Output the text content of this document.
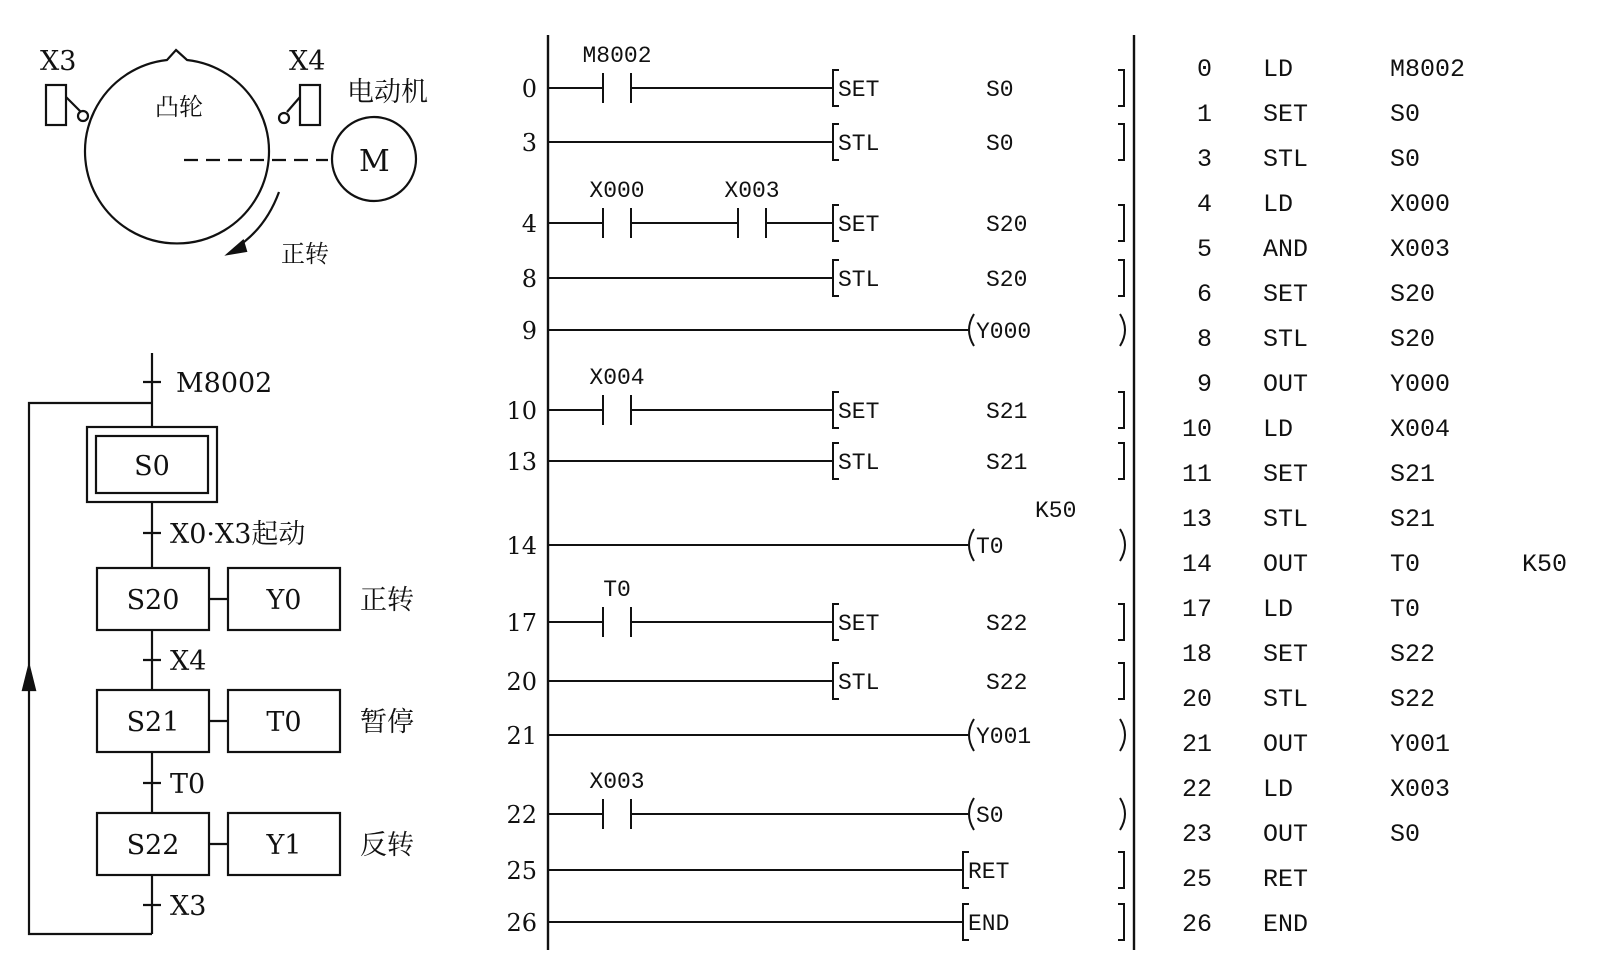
X3	X4
M
凸轮	电动机
正转
M8002
S0
X0·X3起动
S20	Y0 正转
X4
S21	T0 暂停
T0
S22	Y1 反转
X3
0
M8002
SET	S0
3	STL	S0
4
X000	X003
SET	S20
8	STL	S20
9	Y000
10
X004
SET	S21
13	STL	S21
14	T0
K50
17
T0
SET	S22
20	STL	S22
21	Y001
22
X003
S0
25	RET
26	END
0 LD	M8002
1 SET	S0
3 STL	S0
4 LD	X000
5 AND	X003
6 SET	S20
8 STL	S20
9 OUT	Y000
10 LD	X004
11 SET	S21
13 STL	S21
14 OUT	T0	K50
17 LD	T0
18 SET	S22
20 STL	S22
21 OUT	Y001
22 LD	X003
23 OUT	S0
25 RET
26 END
